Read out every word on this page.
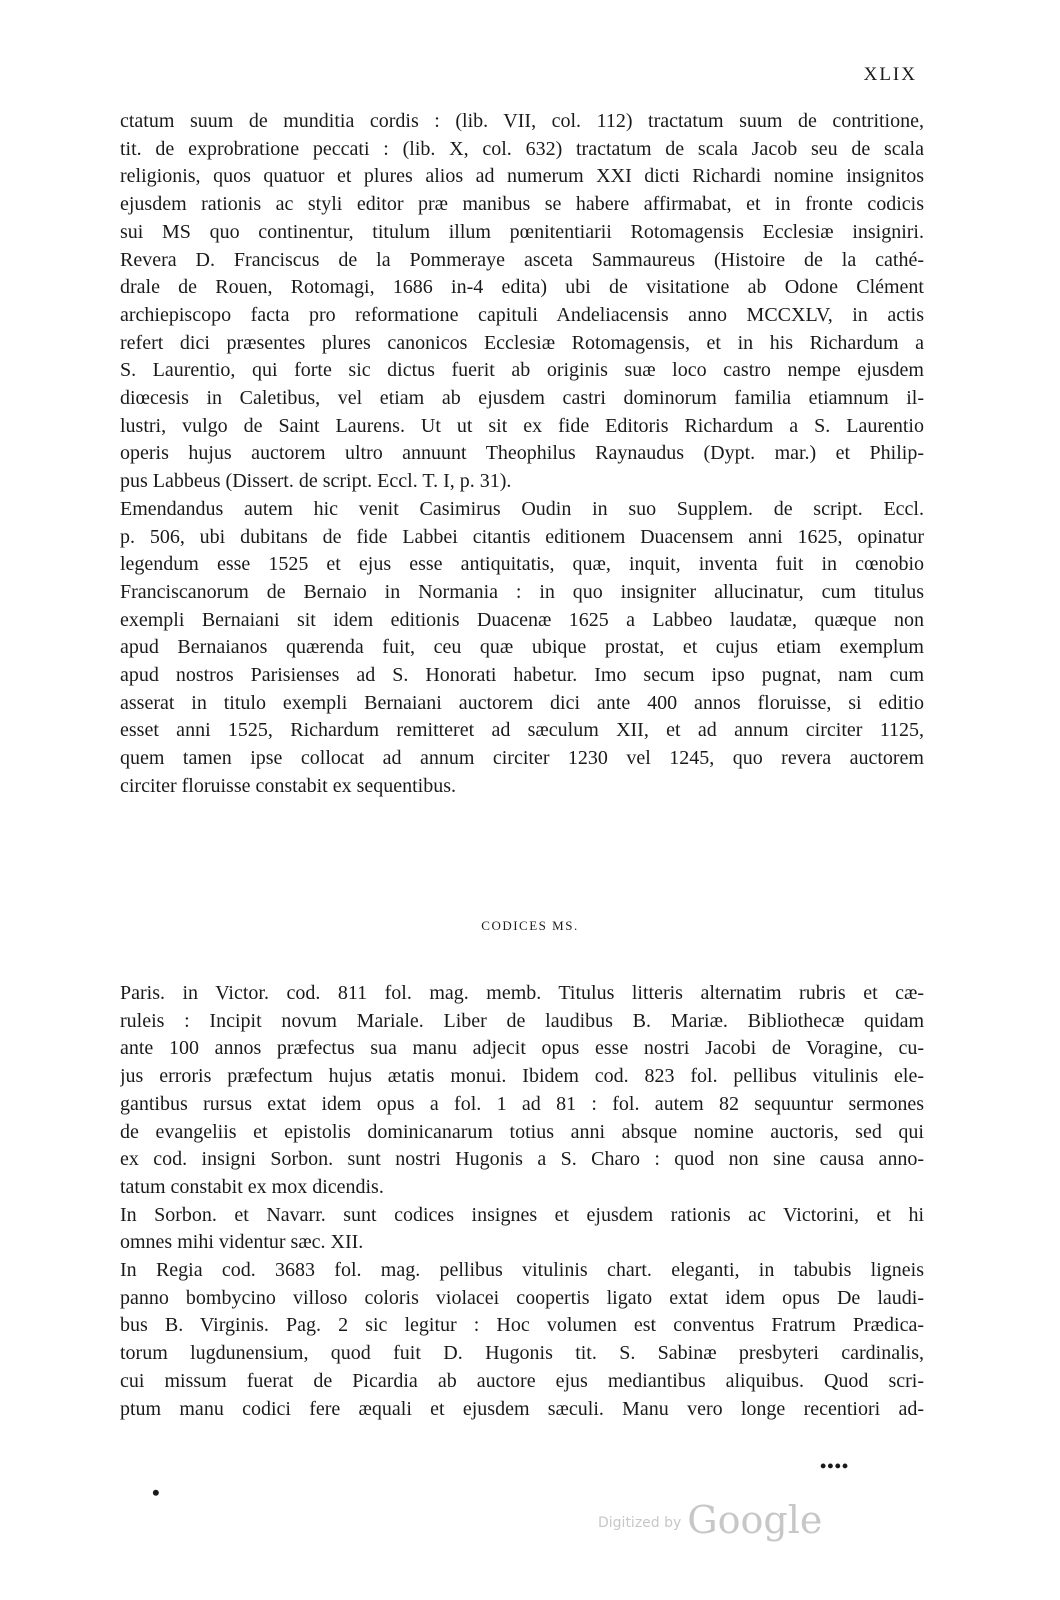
XLIX
ctatum suum de munditia cordis : (lib. VII, col. 112) tractatum suum de contritione,
tit. de exprobratione peccati : (lib. X, col. 632) tractatum de scala Jacob seu de scala
religionis, quos quatuor et plures alios ad numerum XXI dicti Richardi nomine insignitos
ejusdem rationis ac styli editor præ manibus se habere affirmabat, et in fronte codicis
sui MS quo continentur, titulum illum pœnitentiarii Rotomagensis Ecclesiæ insigniri.
Revera D. Franciscus de la Pommeraye asceta Sammaureus (Histoire de la cathé-
drale de Rouen, Rotomagi, 1686 in-4 edita) ubi de visitatione ab Odone Clément
archiepiscopo facta pro reformatione capituli Andeliacensis anno MCCXLV, in actis
refert dici præsentes plures canonicos Ecclesiæ Rotomagensis, et in his Richardum a
S. Laurentio, qui forte sic dictus fuerit ab originis suæ loco castro nempe ejusdem
diœcesis in Caletibus, vel etiam ab ejusdem castri dominorum familia etiamnum il-
lustri, vulgo de Saint Laurens. Ut ut sit ex fide Editoris Richardum a S. Laurentio
operis hujus auctorem ultro annuunt Theophilus Raynaudus (Dypt. mar.) et Philip-
pus Labbeus (Dissert. de script. Eccl. T. I, p. 31).
Emendandus autem hic venit Casimirus Oudin in suo Supplem. de script. Eccl.
p. 506, ubi dubitans de fide Labbei citantis editionem Duacensem anni 1625, opinatur
legendum esse 1525 et ejus esse antiquitatis, quæ, inquit, inventa fuit in cœnobio
Franciscanorum de Bernaio in Normania : in quo insigniter allucinatur, cum titulus
exempli Bernaiani sit idem editionis Duacenæ 1625 a Labbeo laudatæ, quæque non
apud Bernaianos quærenda fuit, ceu quæ ubique prostat, et cujus etiam exemplum
apud nostros Parisienses ad S. Honorati habetur. Imo secum ipso pugnat, nam cum
asserat in titulo exempli Bernaiani auctorem dici ante 400 annos floruisse, si editio
esset anni 1525, Richardum remitteret ad sæculum XII, et ad annum circiter 1125,
quem tamen ipse collocat ad annum circiter 1230 vel 1245, quo revera auctorem
circiter floruisse constabit ex sequentibus.
CODICES MS.
Paris. in Victor. cod. 811 fol. mag. memb. Titulus litteris alternatim rubris et cæ-
ruleis : Incipit novum Mariale. Liber de laudibus B. Mariæ. Bibliothecæ quidam
ante 100 annos præfectus sua manu adjecit opus esse nostri Jacobi de Voragine, cu-
jus erroris præfectum hujus ætatis monui. Ibidem cod. 823 fol. pellibus vitulinis ele-
gantibus rursus extat idem opus a fol. 1 ad 81 : fol. autem 82 sequuntur sermones
de evangeliis et epistolis dominicanarum totius anni absque nomine auctoris, sed qui
ex cod. insigni Sorbon. sunt nostri Hugonis a S. Charo : quod non sine causa anno-
tatum constabit ex mox dicendis.
In Sorbon. et Navarr. sunt codices insignes et ejusdem rationis ac Victorini, et hi
omnes mihi videntur sæc. XII.
In Regia cod. 3683 fol. mag. pellibus vitulinis chart. eleganti, in tabubis ligneis
panno bombycino villoso coloris violacei coopertis ligato extat idem opus De laudi-
bus B. Virginis. Pag. 2 sic legitur : Hoc volumen est conventus Fratrum Prædica-
torum lugdunensium, quod fuit D. Hugonis tit. S. Sabinæ presbyteri cardinalis,
cui missum fuerat de Picardia ab auctore ejus mediantibus aliquibus. Quod scri-
ptum manu codici fere æquali et ejusdem sæculi. Manu vero longe recentiori ad-
••••
•
Digitized by Google
